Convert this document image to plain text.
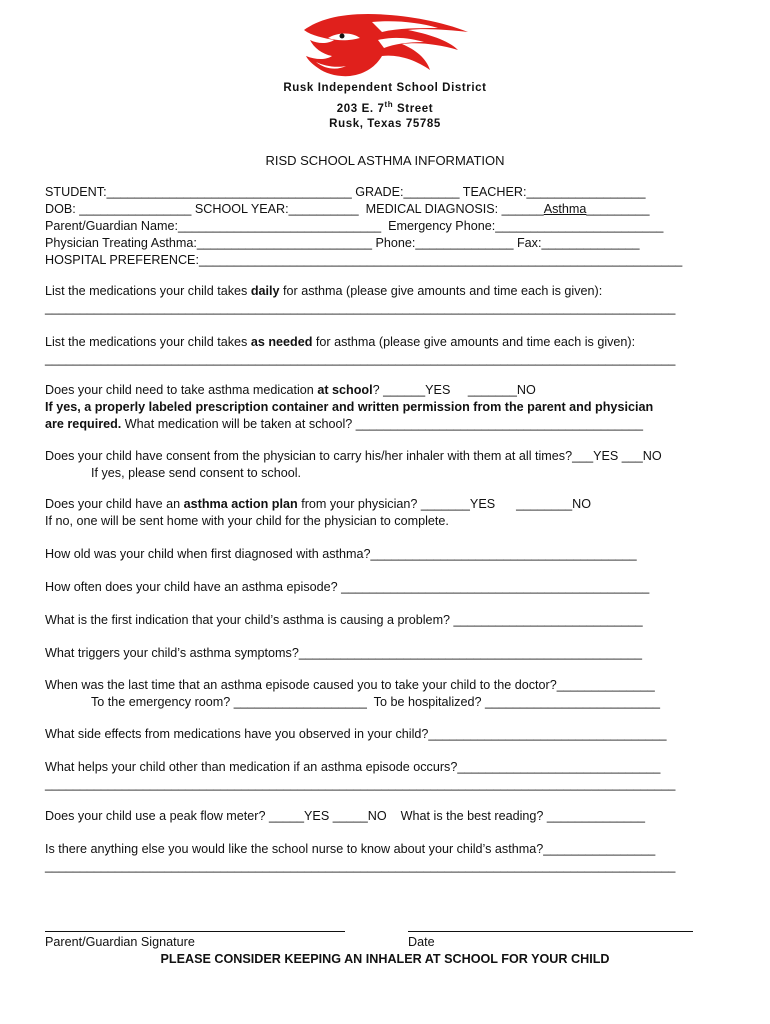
Rusk Independent School District
203 E. 7th Street
Rusk, Texas 75785
RISD SCHOOL ASTHMA INFORMATION
STUDENT:___________________________________ GRADE:________ TEACHER:_________________
DOB: ________________ SCHOOL YEAR:__________  MEDICAL DIAGNOSIS: ______Asthma_________
Parent/Guardian Name:_____________________________  Emergency Phone:________________________
Physician Treating Asthma:_________________________ Phone:______________ Fax:______________
HOSPITAL PREFERENCE:_____________________________________________________________________
List the medications your child takes daily for asthma (please give amounts and time each is given):
__________________________________________________________________________________________
List the medications your child takes as needed for asthma (please give amounts and time each is given):
__________________________________________________________________________________________
Does your child need to take asthma medication at school? ______YES     _______NO
If yes, a properly labeled prescription container and written permission from the parent and physician
are required. What medication will be taken at school? _________________________________________
Does your child have consent from the physician to carry his/her inhaler with them at all times?___YES ___NO
If yes, please send consent to school.
Does your child have an asthma action plan from your physician? _______YES      ________NO
If no, one will be sent home with your child for the physician to complete.
How old was your child when first diagnosed with asthma?______________________________________
How often does your child have an asthma episode? ____________________________________________
What is the first indication that your child’s asthma is causing a problem? ___________________________
What triggers your child’s asthma symptoms?_________________________________________________
When was the last time that an asthma episode caused you to take your child to the doctor?______________
To the emergency room? ___________________  To be hospitalized? _________________________
What side effects from medications have you observed in your child?__________________________________
What helps your child other than medication if an asthma episode occurs?_____________________________
__________________________________________________________________________________________
Does your child use a peak flow meter? _____YES _____NO    What is the best reading? ______________
Is there anything else you would like the school nurse to know about your child’s asthma?________________
__________________________________________________________________________________________
Parent/Guardian Signature	Date
PLEASE CONSIDER KEEPING AN INHALER AT SCHOOL FOR YOUR CHILD
